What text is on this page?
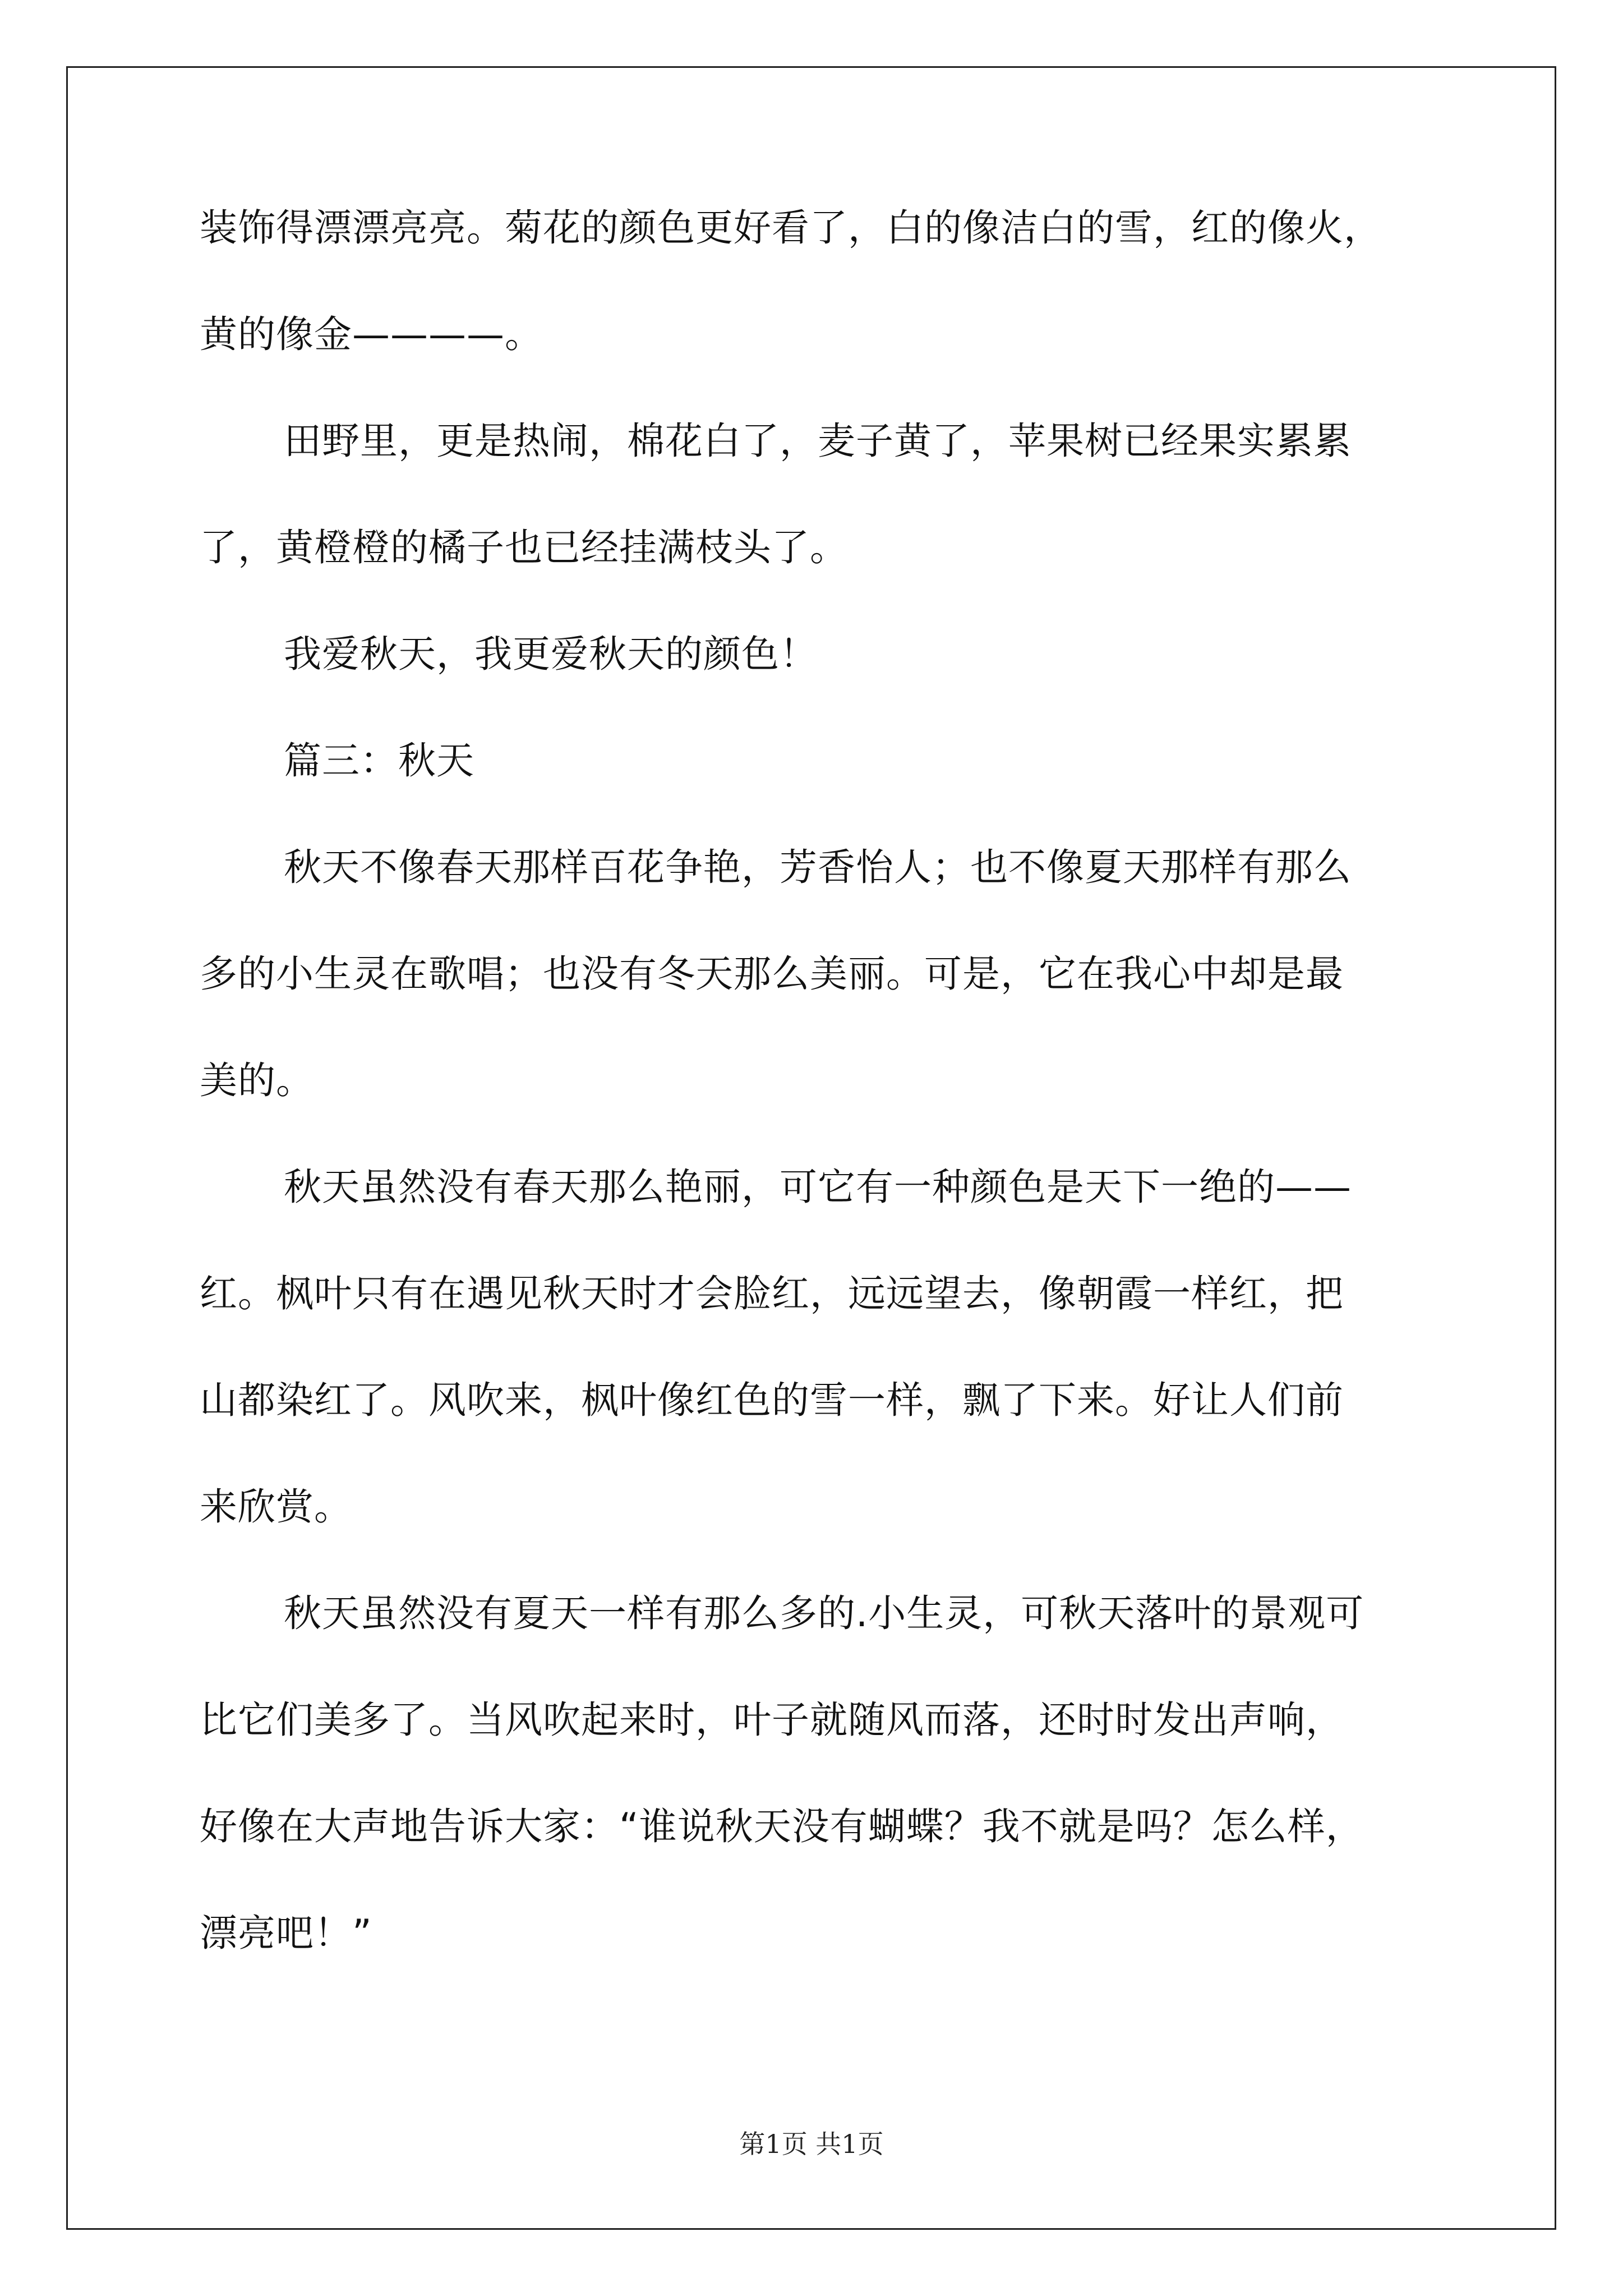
装饰得漂漂亮亮。菊花的颜色更好看了，白的像洁白的雪，红的像火，
黄的像金————。
田野里，更是热闹，棉花白了，麦子黄了，苹果树已经果实累累
了，黄橙橙的橘子也已经挂满枝头了。
我爱秋天，我更爱秋天的颜色！
篇三：秋天
秋天不像春天那样百花争艳，芳香怡人；也不像夏天那样有那么
多的小生灵在歌唱；也没有冬天那么美丽。可是，它在我心中却是最
美的。
秋天虽然没有春天那么艳丽，可它有一种颜色是天下一绝的——
红。枫叶只有在遇见秋天时才会脸红，远远望去，像朝霞一样红，把
山都染红了。风吹来，枫叶像红色的雪一样，飘了下来。好让人们前
来欣赏。
秋天虽然没有夏天一样有那么多的.小生灵，可秋天落叶的景观可
比它们美多了。当风吹起来时，叶子就随风而落，还时时发出声响，
好像在大声地告诉大家：“谁说秋天没有蝴蝶？我不就是吗？怎么样，
漂亮吧！”
第1页 共1页
